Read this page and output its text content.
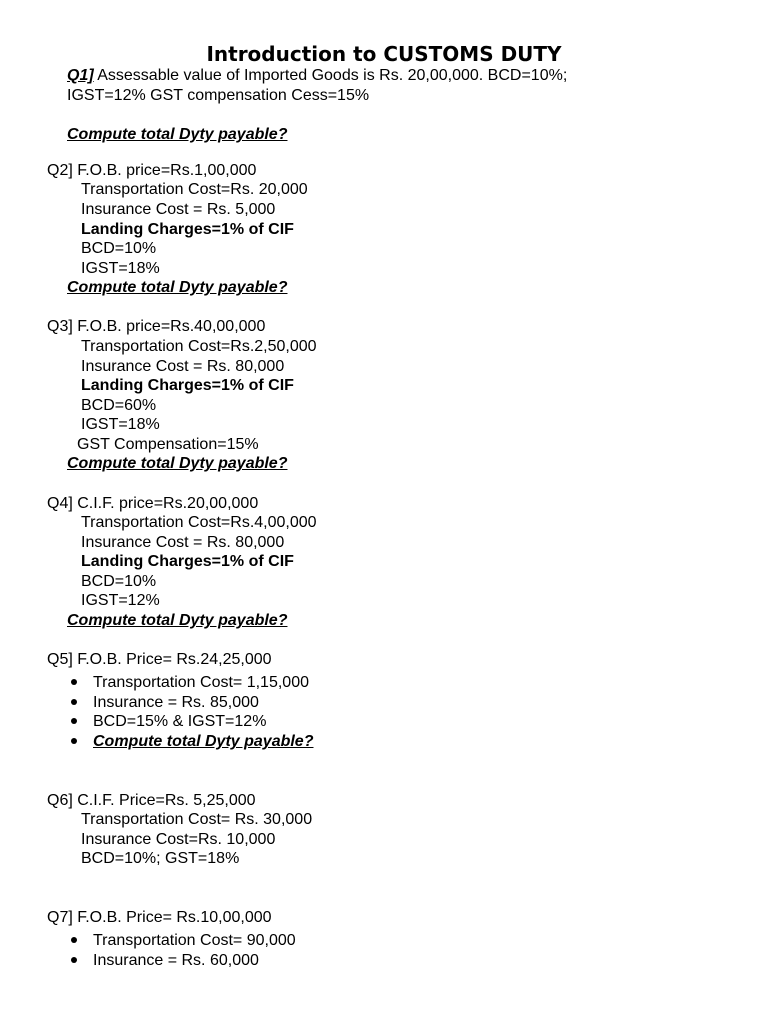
Introduction to CUSTOMS DUTY
Q1] Assessable value of Imported Goods is Rs. 20,00,000. BCD=10%;
IGST=12% GST compensation Cess=15%
Compute total Dyty payable?
Q2] F.O.B. price=Rs.1,00,000
Transportation Cost=Rs. 20,000
Insurance Cost = Rs. 5,000
Landing Charges=1% of CIF
BCD=10%
IGST=18%
Compute total Dyty payable?
Q3] F.O.B. price=Rs.40,00,000
Transportation Cost=Rs.2,50,000
Insurance Cost = Rs. 80,000
Landing Charges=1% of CIF
BCD=60%
IGST=18%
GST Compensation=15%
Compute total Dyty payable?
Q4] C.I.F. price=Rs.20,00,000
Transportation Cost=Rs.4,00,000
Insurance Cost = Rs. 80,000
Landing Charges=1% of CIF
BCD=10%
IGST=12%
Compute total Dyty payable?
Q5] F.O.B. Price= Rs.24,25,000
Transportation Cost= 1,15,000
Insurance = Rs. 85,000
BCD=15% & IGST=12%
Compute total Dyty payable?
Q6] C.I.F. Price=Rs. 5,25,000
Transportation Cost= Rs. 30,000
Insurance Cost=Rs. 10,000
BCD=10%; GST=18%
Q7] F.O.B. Price= Rs.10,00,000
Transportation Cost= 90,000
Insurance = Rs. 60,000
